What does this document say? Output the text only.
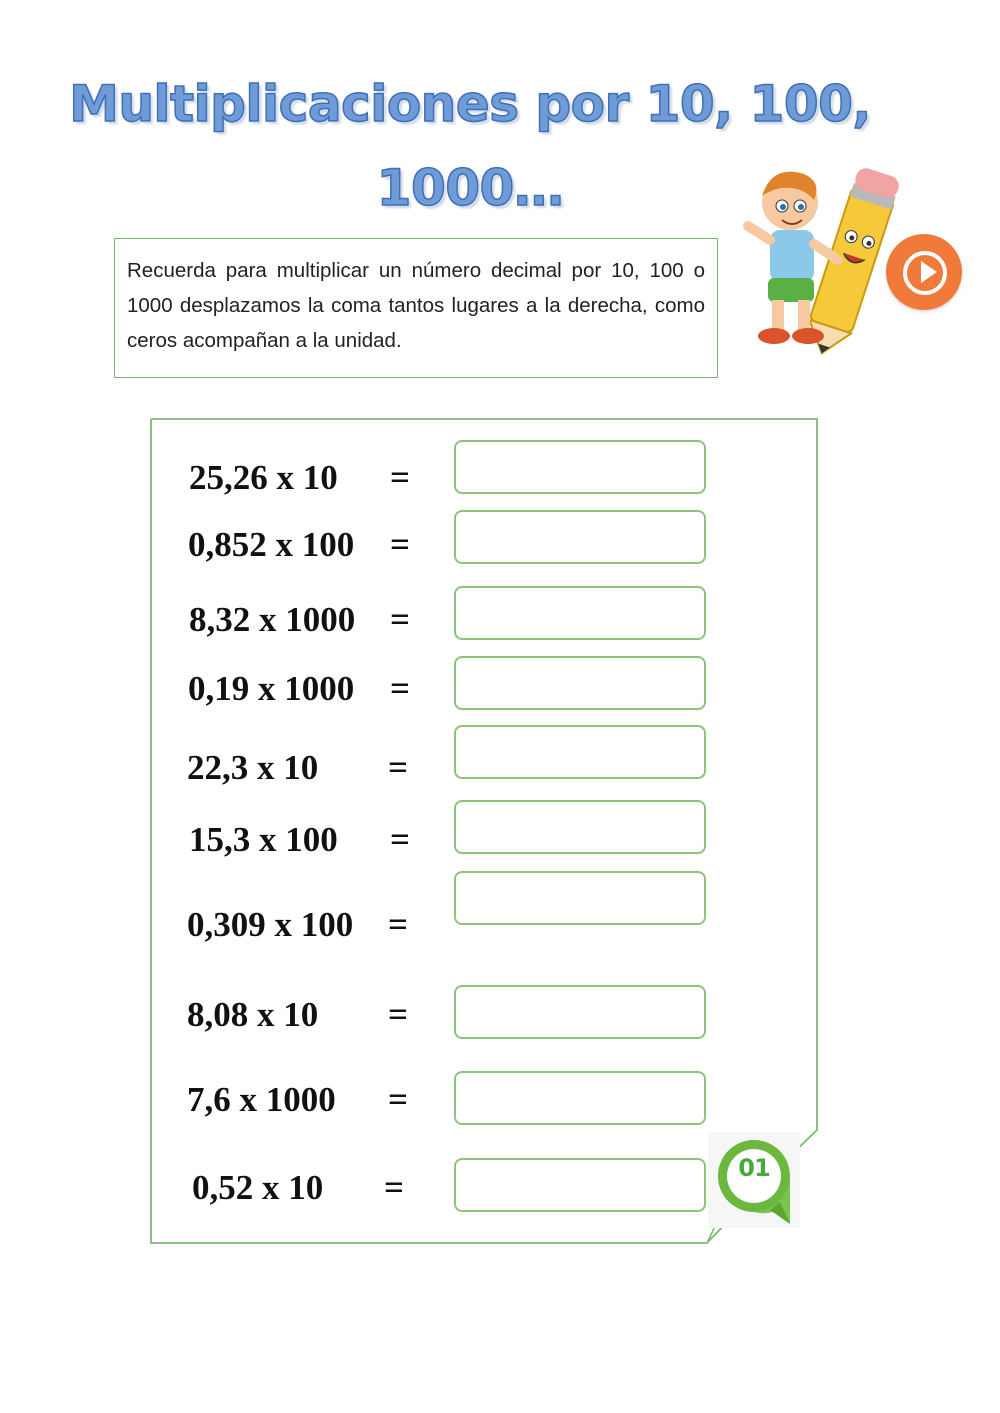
Multiplicaciones por 10, 100,
1000…
Recuerda para multiplicar un número decimal por 10, 100 o 1000 desplazamos la coma tantos lugares a la derecha, como ceros acompañan a la unidad.
25,26 x 10 =
0,852 x 100 =
8,32 x 1000 =
0,19 x 1000 =
22,3 x 10 =
15,3 x 100 =
0,309 x 100 =
8,08 x 10 =
7,6 x 1000 =
0,52 x 10 =	01
